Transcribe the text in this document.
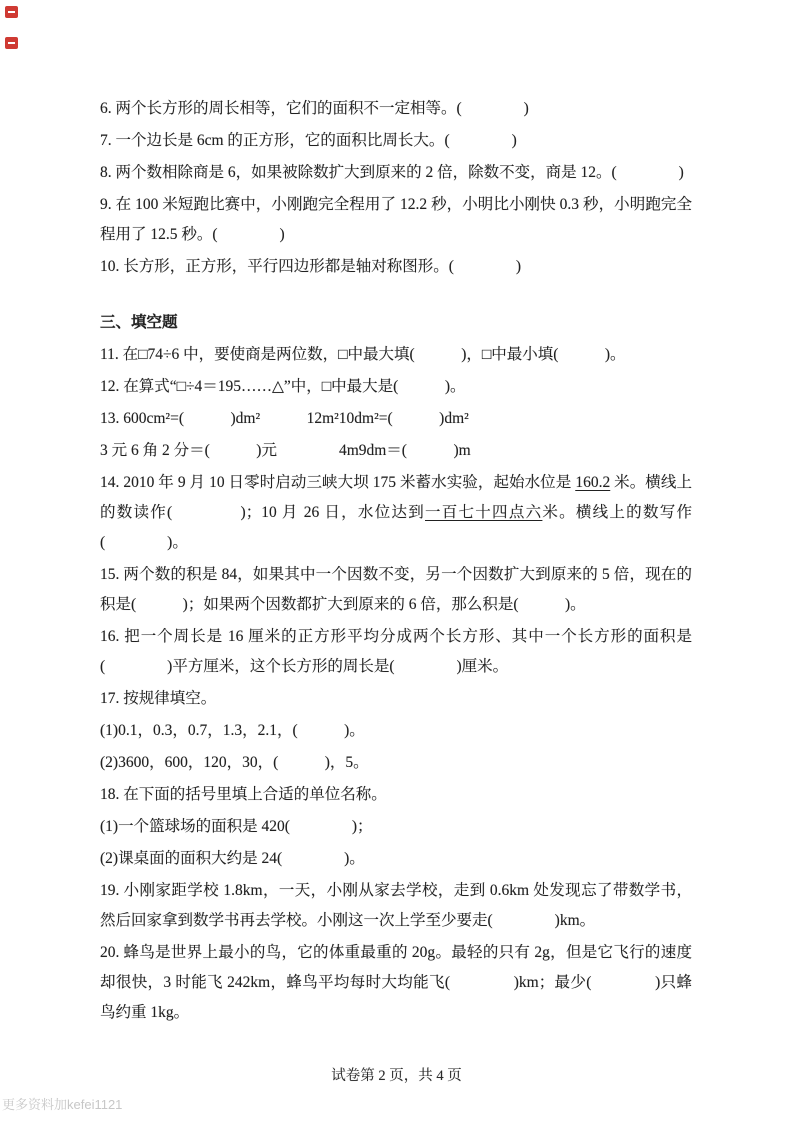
6. 两个长方形的周长相等，它们的面积不一定相等。(　　　　)

7. 一个边长是 6cm 的正方形，它的面积比周长大。(　　　　)

8. 两个数相除商是 6，如果被除数扩大到原来的 2 倍，除数不变，商是 12。(　　　　)

9. 在 100 米短跑比赛中，小刚跑完全程用了 12.2 秒，小明比小刚快 0.3 秒，小明跑完全程用了 12.5 秒。(　　　　)

10. 长方形，正方形，平行四边形都是轴对称图形。(　　　　)

三、填空题

11. 在□74÷6 中，要使商是两位数，□中最大填(　　　)，□中最小填(　　　)。

12. 在算式“□÷4＝195……△”中，□中最大是(　　　)。

13. 600cm²=(　　　)dm²　　　12m²10dm²=(　　　)dm²

3 元 6 角 2 分＝(　　　)元　　　　4m9dm＝(　　　)m

14. 2010 年 9 月 10 日零时启动三峡大坝 175 米蓄水实验，起始水位是 160.2 米。横线上的数读作(　　　　)；10 月 26 日，水位达到一百七十四点六米。横线上的数写作(　　　　)。

15. 两个数的积是 84，如果其中一个因数不变，另一个因数扩大到原来的 5 倍，现在的积是(　　　)；如果两个因数都扩大到原来的 6 倍，那么积是(　　　)。

16. 把一个周长是 16 厘米的正方形平均分成两个长方形、其中一个长方形的面积是(　　　　)平方厘米，这个长方形的周长是(　　　　)厘米。

17. 按规律填空。

(1)0.1，0.3，0.7，1.3，2.1，(　　　)。

(2)3600，600，120，30，(　　　)，5。

18. 在下面的括号里填上合适的单位名称。

(1)一个篮球场的面积是 420(　　　　)；

(2)课桌面的面积大约是 24(　　　　)。

19. 小刚家距学校 1.8km，一天，小刚从家去学校，走到 0.6km 处发现忘了带数学书，然后回家拿到数学书再去学校。小刚这一次上学至少要走(　　　　)km。

20. 蜂鸟是世界上最小的鸟，它的体重最重的 20g。最轻的只有 2g，但是它飞行的速度却很快，3 时能飞 242km，蜂鸟平均每时大均能飞(　　　　)km；最少(　　　　)只蜂鸟约重 1kg。

试卷第 2 页，共 4 页
更多资料加kefei1121
